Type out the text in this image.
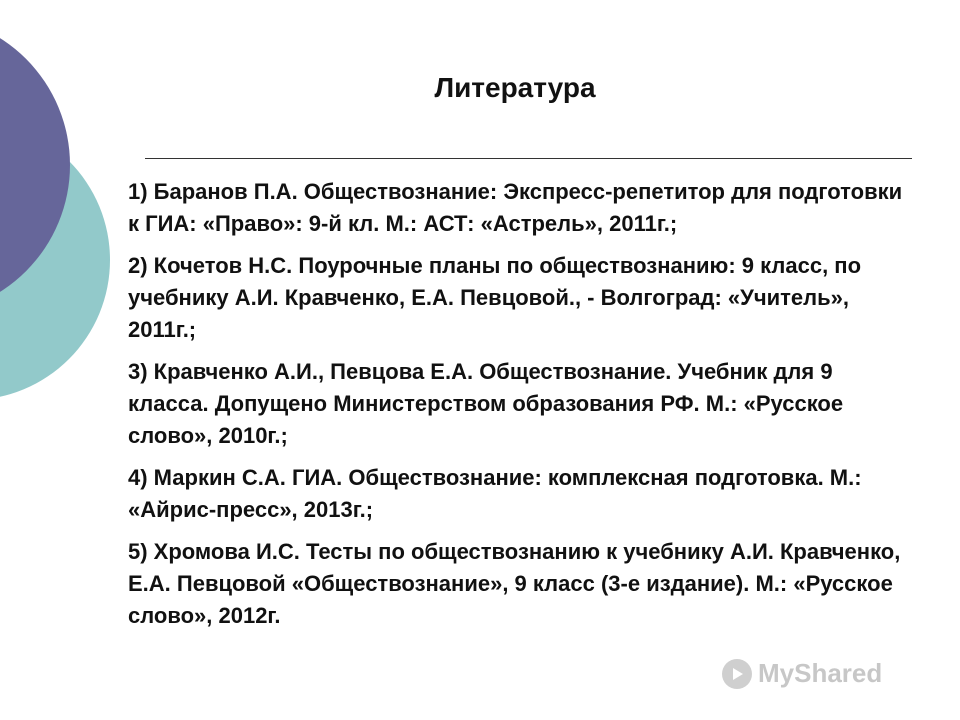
Литература
1) Баранов П.А. Обществознание: Экспресс-репетитор для подготовки к ГИА: «Право»: 9-й кл. М.: АСТ: «Астрель», 2011г.;
2) Кочетов Н.С. Поурочные планы по обществознанию: 9 класс, по учебнику А.И. Кравченко, Е.А. Певцовой., - Волгоград: «Учитель», 2011г.;
3) Кравченко А.И., Певцова Е.А. Обществознание. Учебник для 9 класса. Допущено Министерством образования РФ. М.: «Русское слово», 2010г.;
4) Маркин С.А. ГИА. Обществознание: комплексная подготовка. М.: «Айрис-пресс», 2013г.;
5) Хромова И.С. Тесты по обществознанию к учебнику А.И. Кравченко, Е.А. Певцовой «Обществознание», 9 класс (3-е издание). М.: «Русское слово», 2012г.
MyShared
